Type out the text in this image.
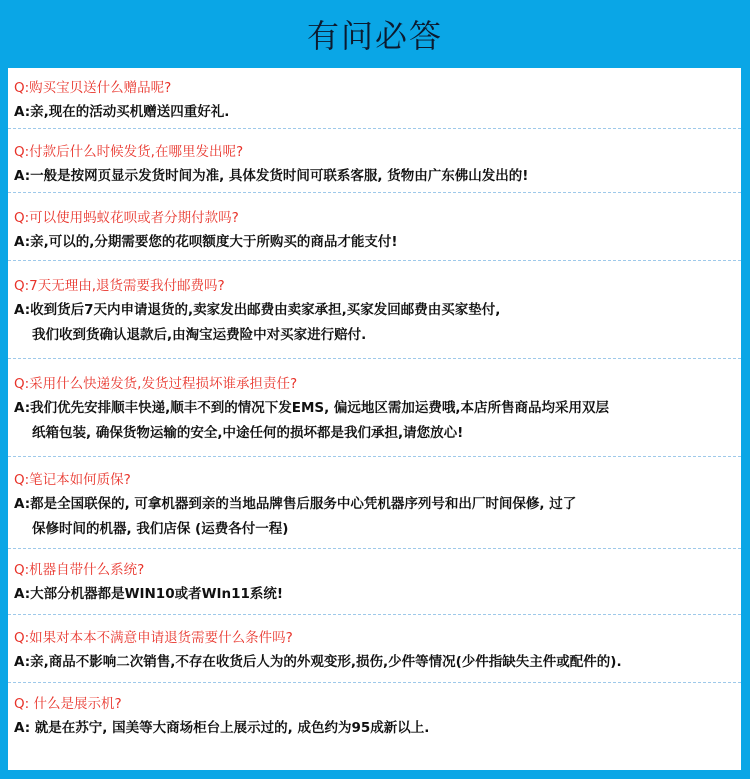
有问必答
Q:购买宝贝送什么赠品呢?
A:亲,现在的活动买机赠送四重好礼.
Q:付款后什么时候发货,在哪里发出呢?
A:一般是按网页显示发货时间为准, 具体发货时间可联系客服, 货物由广东佛山发出的!
Q:可以使用蚂蚁花呗或者分期付款吗?
A:亲,可以的,分期需要您的花呗额度大于所购买的商品才能支付!
Q:7天无理由,退货需要我付邮费吗?
A:收到货后7天内申请退货的,卖家发出邮费由卖家承担,买家发回邮费由买家垫付,
我们收到货确认退款后,由淘宝运费险中对买家进行赔付.
Q:采用什么快递发货,发货过程损坏谁承担责任?
A:我们优先安排顺丰快递,顺丰不到的情况下发EMS, 偏远地区需加运费哦,本店所售商品均采用双层
纸箱包装, 确保货物运输的安全,中途任何的损坏都是我们承担,请您放心!
Q:笔记本如何质保?
A:都是全国联保的, 可拿机器到亲的当地品牌售后服务中心凭机器序列号和出厂时间保修, 过了
保修时间的机器, 我们店保 (运费各付一程)
Q:机器自带什么系统?
A:大部分机器都是WIN10或者WIn11系统!
Q:如果对本本不满意申请退货需要什么条件吗?
A:亲,商品不影响二次销售,不存在收货后人为的外观变形,损伤,少件等情况(少件指缺失主件或配件的).
Q: 什么是展示机?
A: 就是在苏宁, 国美等大商场柜台上展示过的, 成色约为95成新以上.
